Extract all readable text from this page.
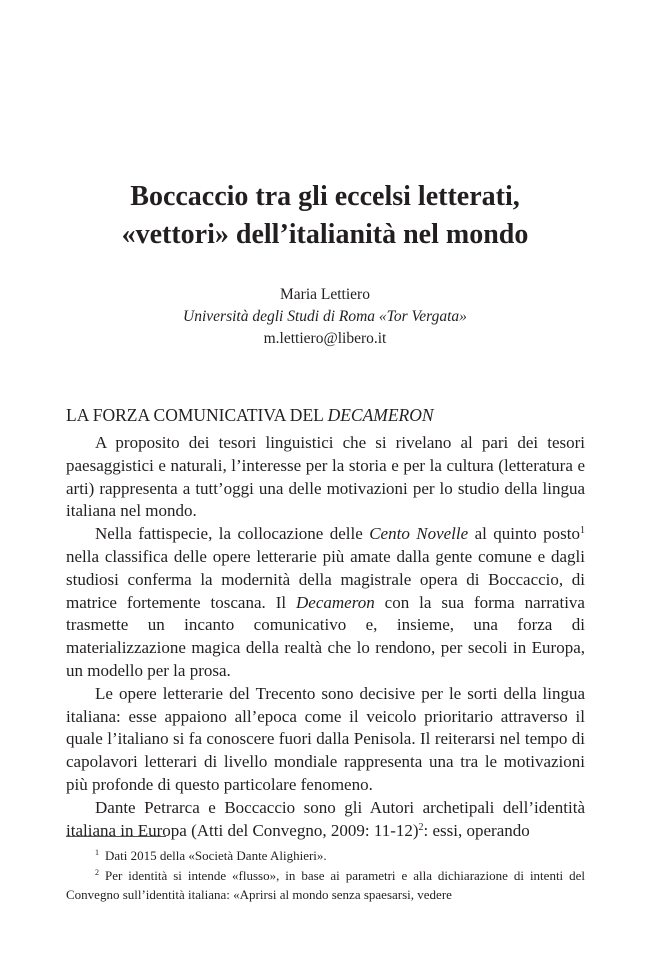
Boccaccio tra gli eccelsi letterati,
«vettori» dell’italianità nel mondo
Maria Lettiero
Università degli Studi di Roma «Tor Vergata»
m.lettiero@libero.it
LA FORZA COMUNICATIVA DEL DECAMERON

A proposito dei tesori linguistici che si rivelano al pari dei tesori paesaggistici e naturali, l’interesse per la storia e per la cultura (letteratura e arti) rappresenta a tutt’oggi una delle motivazioni per lo studio della lingua italiana nel mondo.

Nella fattispecie, la collocazione delle Cento Novelle al quinto posto$^1$ nella classifica delle opere letterarie più amate dalla gente comune e dagli studiosi conferma la modernità della magistrale opera di Boccaccio, di matrice fortemente toscana. Il Decameron con la sua forma narrativa trasmette un incanto comunicativo e, insieme, una forza di materializzazione magica della realtà che lo rendono, per secoli in Europa, un modello per la prosa.

Le opere letterarie del Trecento sono decisive per le sorti della lingua italiana: esse appaiono all’epoca come il veicolo prioritario attraverso il quale l’italiano si fa conoscere fuori dalla Penisola. Il reiterarsi nel tempo di capolavori letterari di livello mondiale rappresenta una tra le motivazioni più profonde di questo particolare fenomeno.

Dante Petrarca e Boccaccio sono gli Autori archetipali dell’identità italiana in Europa (Atti del Convegno, 2009: 11-12)$^2$: essi, operando

$^1$ Dati 2015 della «Società Dante Alighieri».

$^2$ Per identità si intende «flusso», in base ai parametri e alla dichiarazione di intenti del Convegno sull’identità italiana: «Aprirsi al mondo senza spaesarsi, vedere
